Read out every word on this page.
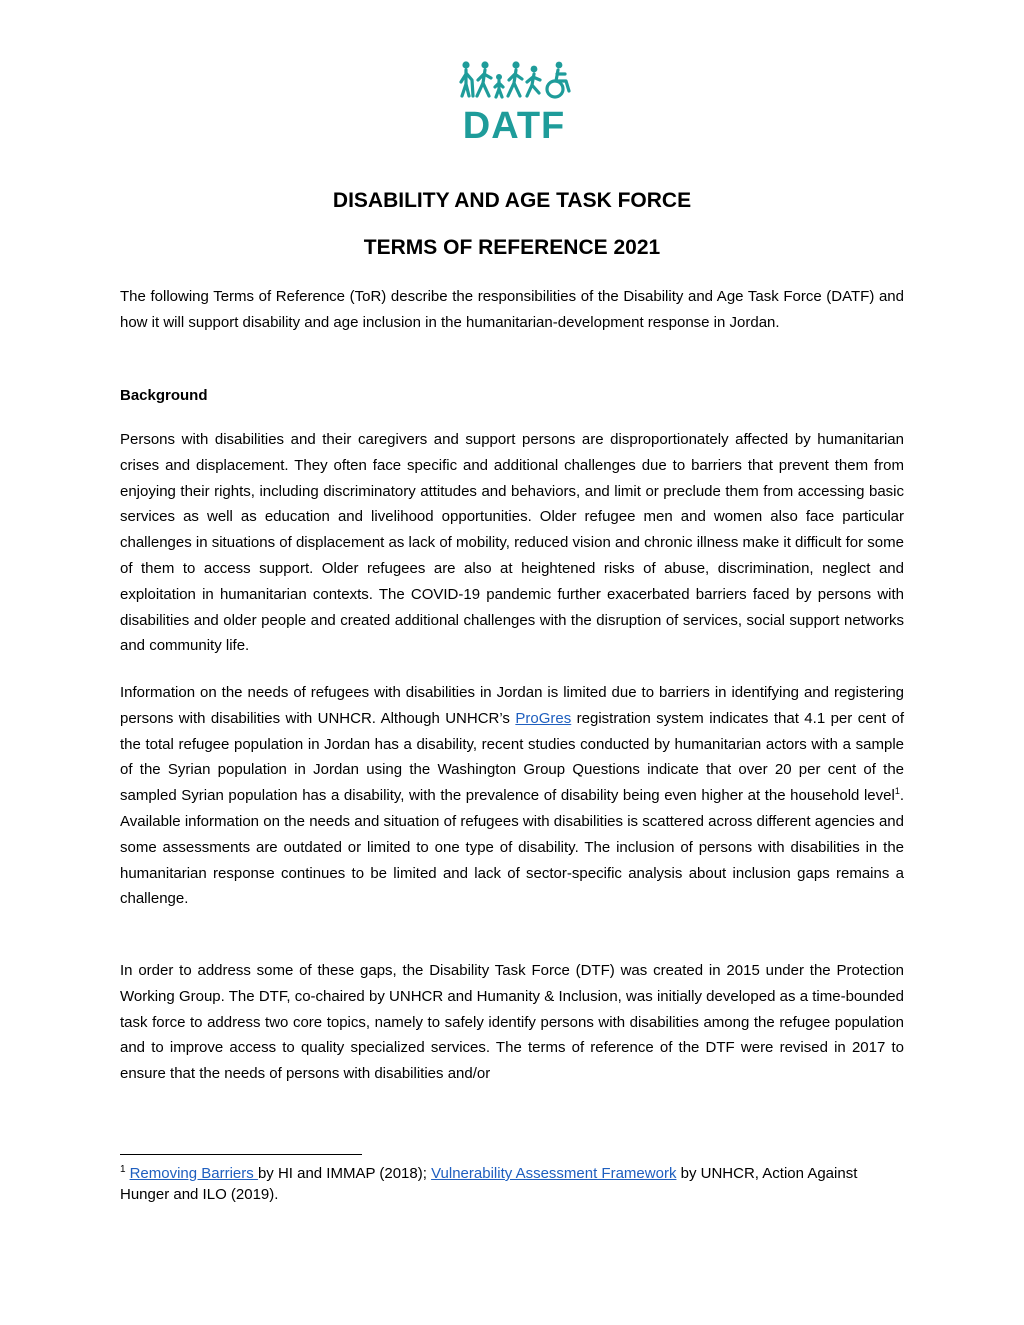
DATF
DISABILITY AND AGE TASK FORCE
TERMS OF REFERENCE 2021

The following Terms of Reference (ToR) describe the responsibilities of the Disability and Age Task Force (DATF) and how it will support disability and age inclusion in the humanitarian-development response in Jordan.

Background

Persons with disabilities and their caregivers and support persons are disproportionately affected by humanitarian crises and displacement. They often face specific and additional challenges due to barriers that prevent them from enjoying their rights, including discriminatory attitudes and behaviors, and limit or preclude them from accessing basic services as well as education and livelihood opportunities. Older refugee men and women also face particular challenges in situations of displacement as lack of mobility, reduced vision and chronic illness make it difficult for some of them to access support. Older refugees are also at heightened risks of abuse, discrimination, neglect and exploitation in humanitarian contexts. The COVID-19 pandemic further exacerbated barriers faced by persons with disabilities and older people and created additional challenges with the disruption of services, social support networks and community life.

Information on the needs of refugees with disabilities in Jordan is limited due to barriers in identifying and registering persons with disabilities with UNHCR. Although UNHCR’s ProGres registration system indicates that 4.1 per cent of the total refugee population in Jordan has a disability, recent studies conducted by humanitarian actors with a sample of the Syrian population in Jordan using the Washington Group Questions indicate that over 20 per cent of the sampled Syrian population has a disability, with the prevalence of disability being even higher at the household level$^1$. Available information on the needs and situation of refugees with disabilities is scattered across different agencies and some assessments are outdated or limited to one type of disability. The inclusion of persons with disabilities in the humanitarian response continues to be limited and lack of sector-specific analysis about inclusion gaps remains a challenge.

In order to address some of these gaps, the Disability Task Force (DTF) was created in 2015 under the Protection Working Group. The DTF, co-chaired by UNHCR and Humanity & Inclusion, was initially developed as a time-bounded task force to address two core topics, namely to safely identify persons with disabilities among the refugee population and to improve access to quality specialized services. The terms of reference of the DTF were revised in 2017 to ensure that the needs of persons with disabilities and/or

$^1$ Removing Barriers by HI and IMMAP (2018); Vulnerability Assessment Framework by UNHCR, Action Against Hunger and ILO (2019).
